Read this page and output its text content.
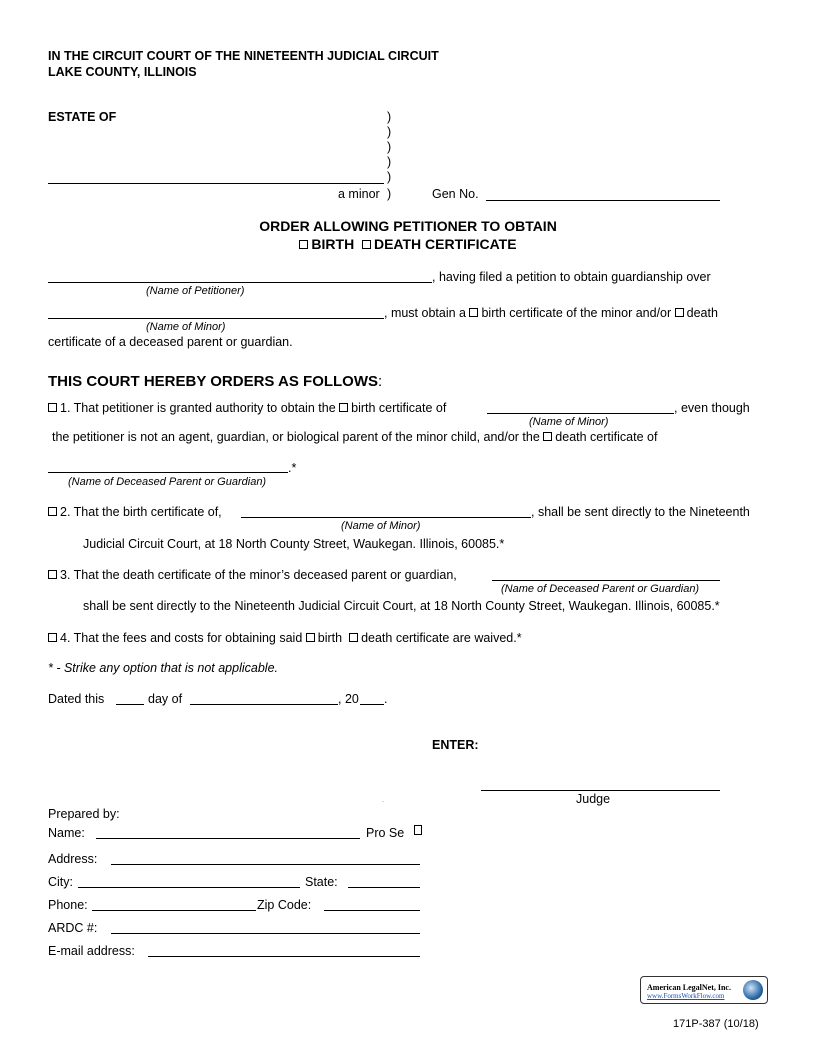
IN THE CIRCUIT COURT OF THE NINETEENTH JUDICIAL CIRCUIT
LAKE COUNTY, ILLINOIS
ESTATE OF	)
)
)
)
)
a minor )	Gen No.
ORDER ALLOWING PETITIONER TO OBTAIN
BIRTH DEATH CERTIFICATE
, having filed a petition to obtain guardianship over
(Name of Petitioner)
, must obtain a birth certificate of the minor and/or death
(Name of Minor)
certificate of a deceased parent or guardian.
THIS COURT HEREBY ORDERS AS FOLLOWS:
1. That petitioner is granted authority to obtain the birth certificate of	, even though
(Name of Minor)
the petitioner is not an agent, guardian, or biological parent of the minor child, and/or the death certificate of
.*
(Name of Deceased Parent or Guardian)
2. That the birth certificate of,	, shall be sent directly to the Nineteenth
(Name of Minor)
Judicial Circuit Court, at 18 North County Street, Waukegan. Illinois, 60085.*
3. That the death certificate of the minor’s deceased parent or guardian,
(Name of Deceased Parent or Guardian)
shall be sent directly to the Nineteenth Judicial Circuit Court, at 18 North County Street, Waukegan. Illinois, 60085.*
4. That the fees and costs for obtaining said birth death certificate are waived.*
* - Strike any option that is not applicable.
Dated this	day of	, 20 .
ENTER:
Judge
.
Prepared by:
Name:	Pro Se
Address:
City:	State:
Phone:	Zip Code:
ARDC #:
E-mail address:
American LegalNet, Inc.
www.FormsWorkFlow.com
171P-387 (10/18)
